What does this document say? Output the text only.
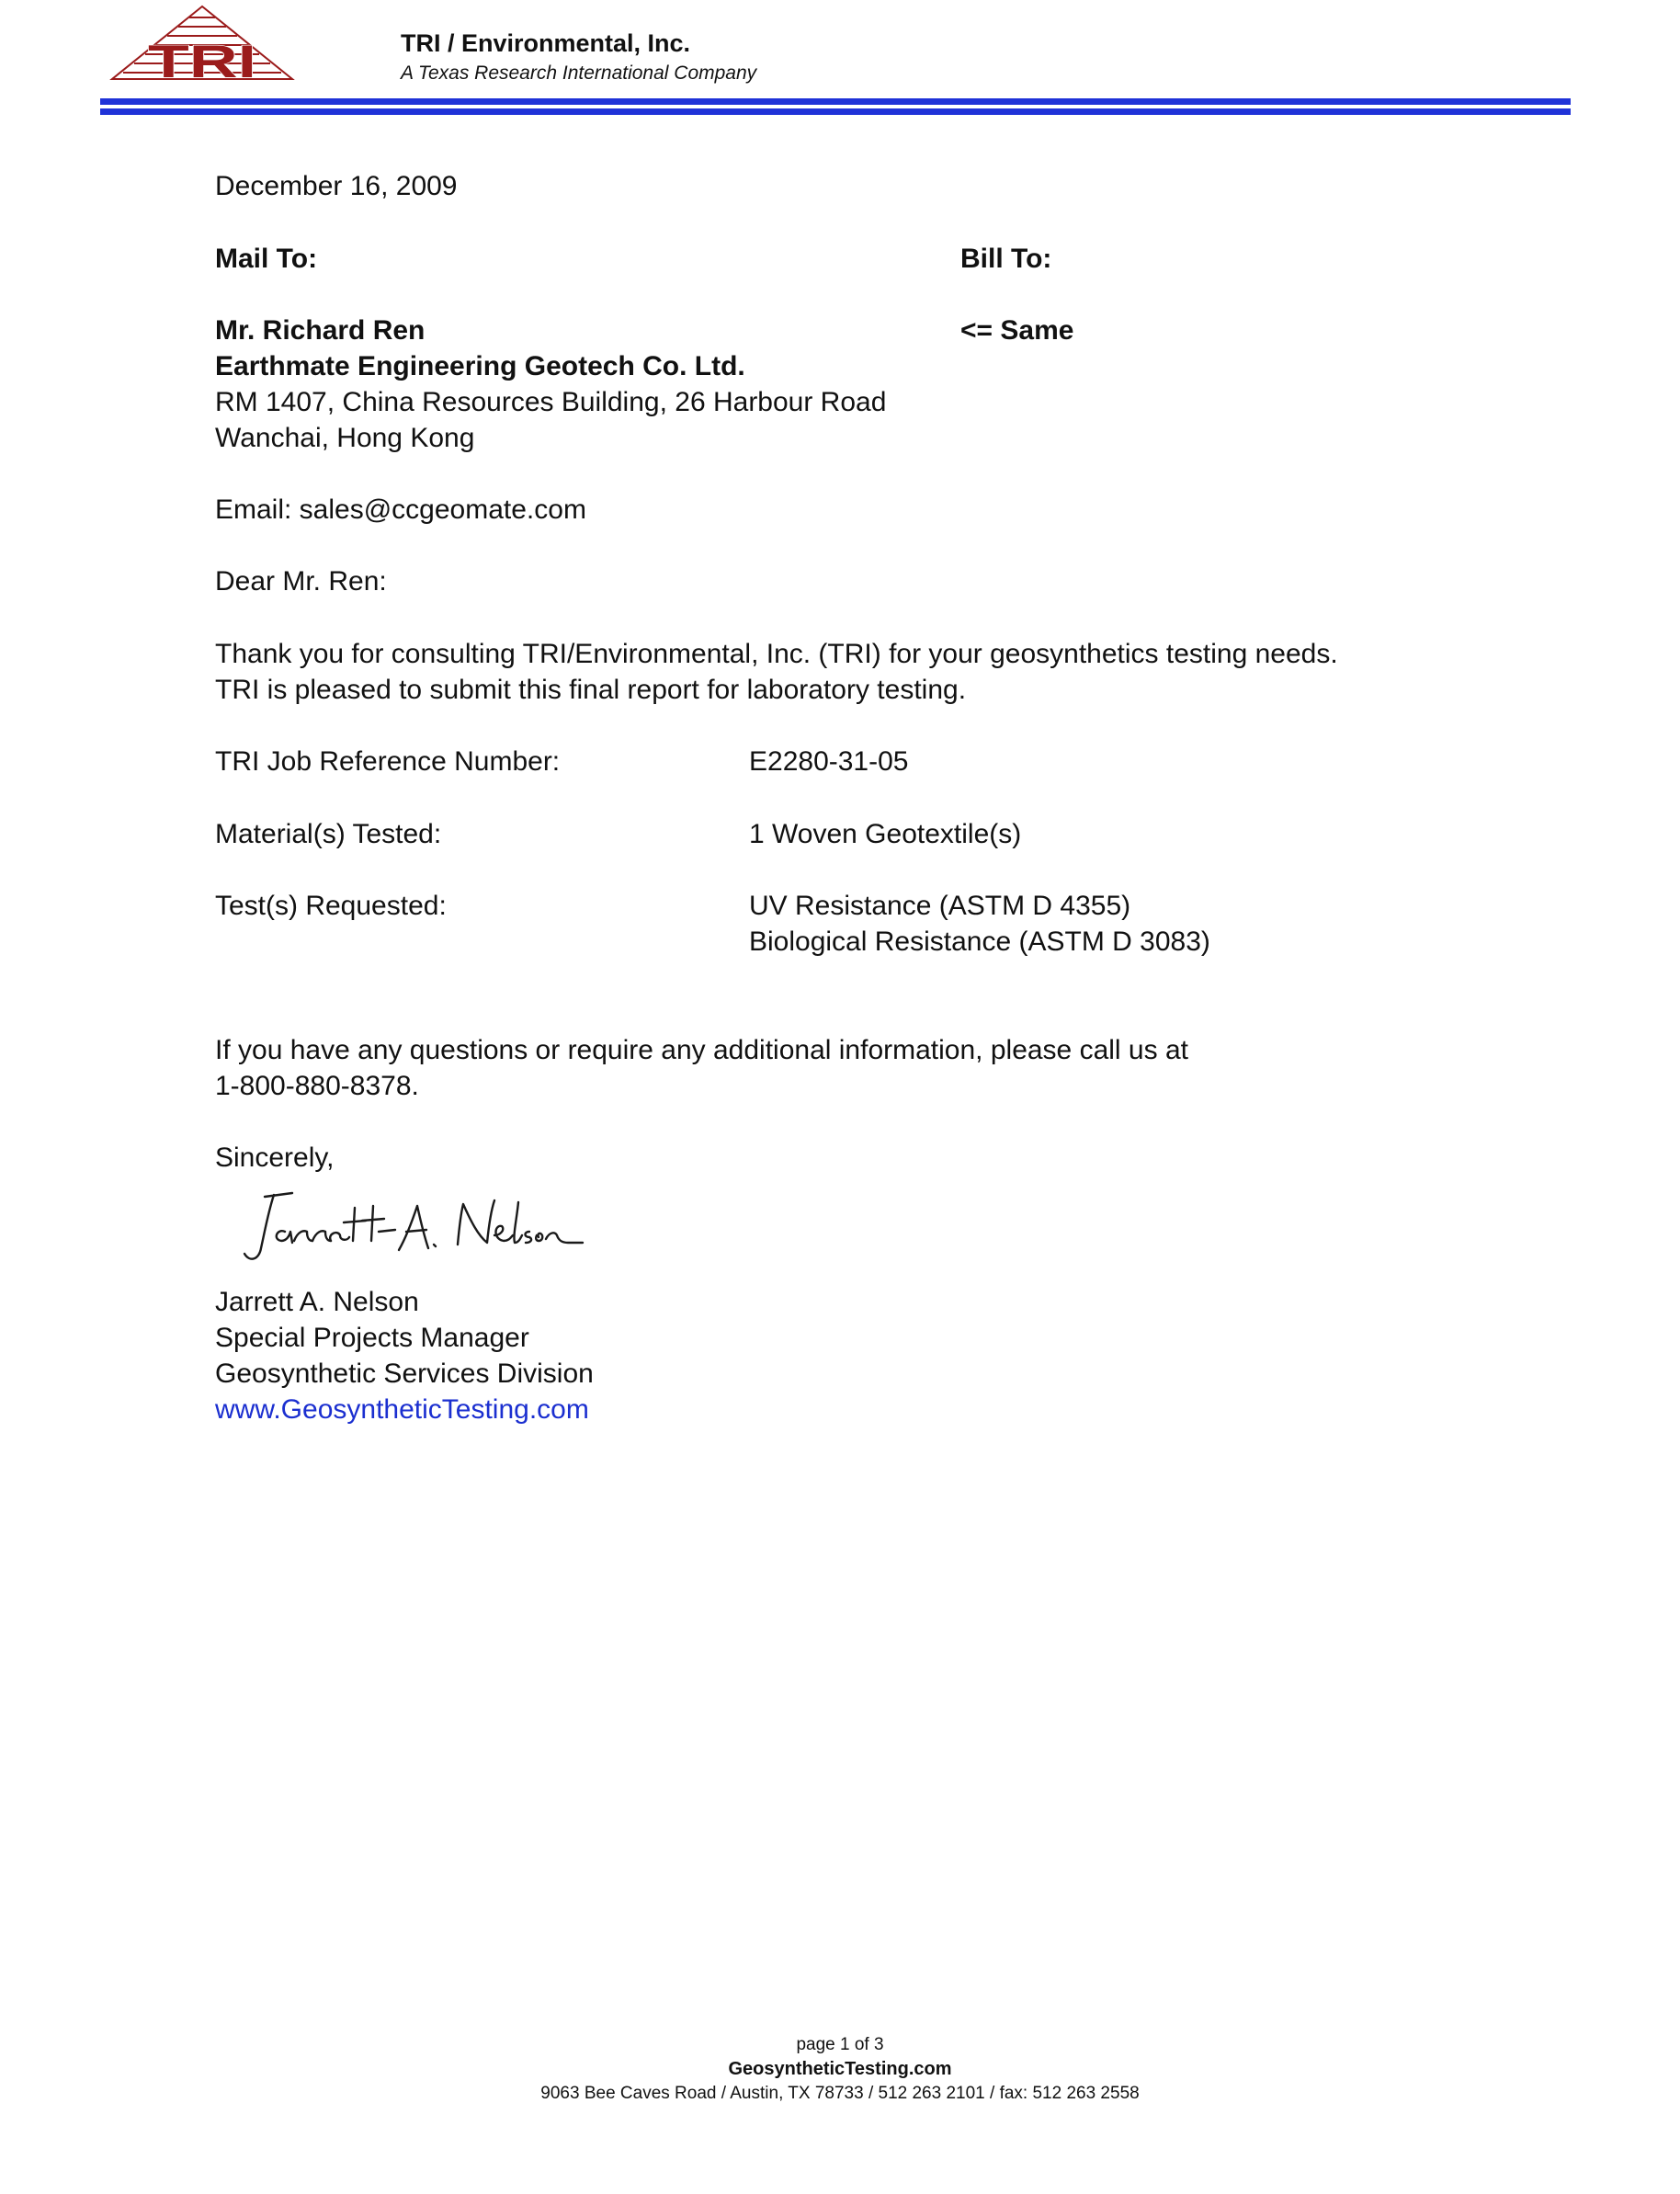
TRI	TRI / Environmental, Inc.
A Texas Research International Company
December 16, 2009
Mail To:	Bill To:
Mr. Richard Ren	<= Same
Earthmate Engineering Geotech Co. Ltd.
RM 1407, China Resources Building, 26 Harbour Road
Wanchai, Hong Kong
Email: sales@ccgeomate.com
Dear Mr. Ren:
Thank you for consulting TRI/Environmental, Inc. (TRI) for your geosynthetics testing needs.
TRI is pleased to submit this final report for laboratory testing.
TRI Job Reference Number:	E2280-31-05
Material(s) Tested:	1 Woven Geotextile(s)
Test(s) Requested:	UV Resistance (ASTM D 4355)
Biological Resistance (ASTM D 3083)
If you have any questions or require any additional information, please call us at
1-800-880-8378.
Sincerely,
Jarrett A. Nelson
Special Projects Manager
Geosynthetic Services Division
www.GeosyntheticTesting.com
page 1 of 3
GeosyntheticTesting.com
9063 Bee Caves Road / Austin, TX 78733 / 512 263 2101 / fax: 512 263 2558
